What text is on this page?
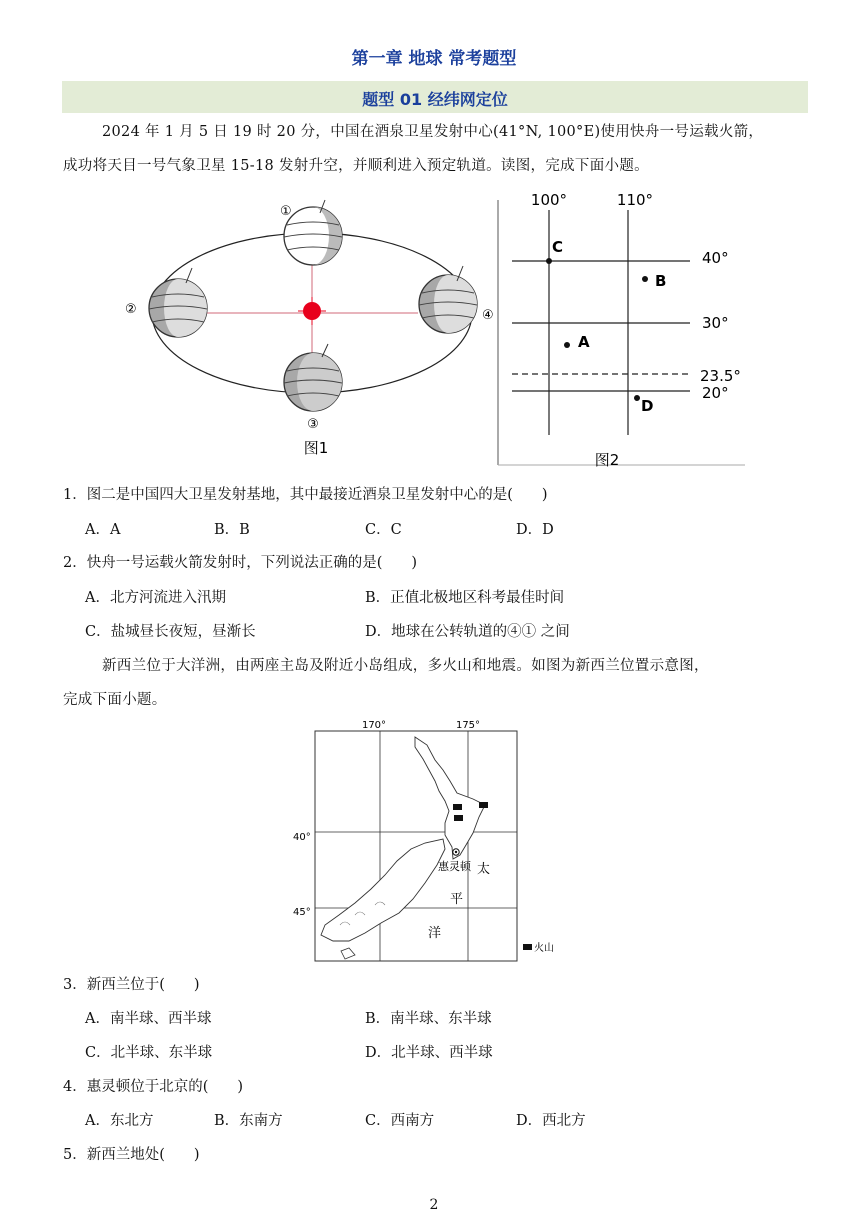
第一章 地球 常考题型
题型 01 经纬网定位
2024 年 1 月 5 日 19 时 20 分，中国在酒泉卫星发射中心(41°N, 100°E)使用快舟一号运载火箭，
成功将天目一号气象卫星 15-18 发射升空，并顺利进入预定轨道。读图，完成下面小题。
①
②
③
④
图1
100°	110°
40°
30°
23.5°
20°
C
B
A
D
图2
1．图二是中国四大卫星发射基地，其中最接近酒泉卫星发射中心的是(　　)
A．A	B．B	C．C	D．D
2．快舟一号运载火箭发射时，下列说法正确的是(　　)
A．北方河流进入汛期	B．正值北极地区科考最佳时间
C．盐城昼长夜短，昼渐长	D．地球在公转轨道的④① 之间
新西兰位于大洋洲，由两座主岛及附近小岛组成，多火山和地震。如图为新西兰位置示意图，
完成下面小题。
170°	175°
40°
45°
惠灵顿 太
平
洋
火山
3．新西兰位于(　　)
A．南半球、西半球	B．南半球、东半球
C．北半球、东半球	D．北半球、西半球
4．惠灵顿位于北京的(　　)
A．东北方	B．东南方	C．西南方	D．西北方
5．新西兰地处(　　)
2
